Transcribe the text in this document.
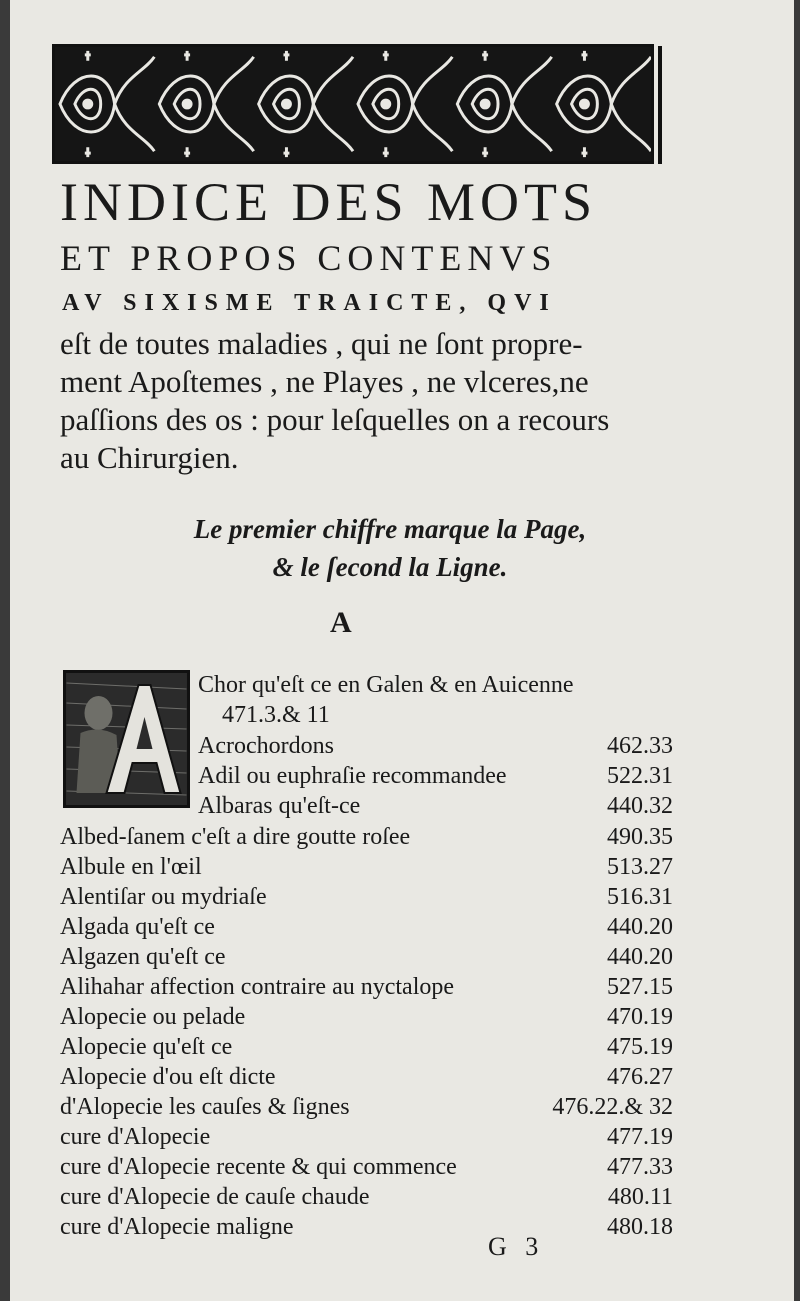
INDICE DES MOTS
ET PROPOS CONTENVS
AV SIXISME TRAICTE, QVI
eſt de toutes maladies , qui ne ſont propre-
ment Apoſtemes , ne Playes , ne vlceres,ne
paſſions des os : pour leſquelles on a recours
au Chirurgien.
Le premier chiffre marque la Page,
& le ſecond la Ligne.
A
Chor qu'eſt ce en Galen & en Auicenne
471.3.& 11
Acrochordons	462.33
Adil ou euphraſie recommandee	522.31
Albaras qu'eſt-ce	440.32
Albed-ſanem c'eſt a dire goutte roſee	490.35
Albule en l'œil	513.27
Alentiſar ou mydriaſe	516.31
Algada qu'eſt ce	440.20
Algazen qu'eſt ce	440.20
Alihahar affection contraire au nyctalope	527.15
Alopecie ou pelade	470.19
Alopecie qu'eſt ce	475.19
Alopecie d'ou eſt dicte	476.27
d'Alopecie les cauſes & ſignes	476.22.& 32
cure d'Alopecie	477.19
cure d'Alopecie recente & qui commence	477.33
cure d'Alopecie de cauſe chaude	480.11
cure d'Alopecie maligne	480.18
G 3
